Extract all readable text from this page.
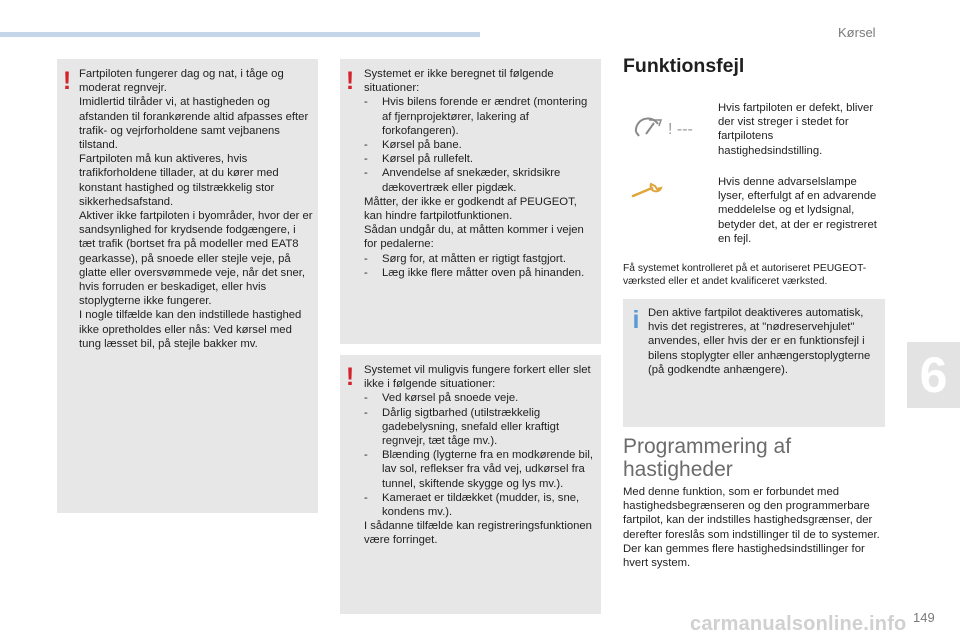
Kørsel
6
! Fartpiloten fungerer dag og nat, i tåge og moderat regnvejr.

Imidlertid tilråder vi, at hastigheden og afstanden til forankørende altid afpasses efter trafik- og vejrforholdene samt vejbanens tilstand.

Fartpiloten må kun aktiveres, hvis trafikforholdene tillader, at du kører med konstant hastighed og tilstrækkelig stor sikkerhedsafstand.

Aktiver ikke fartpiloten i byområder, hvor der er sandsynlighed for krydsende fodgængere, i tæt trafik (bortset fra på modeller med EAT8 gearkasse), på snoede eller stejle veje, på glatte eller oversvømmede veje, når det sner, hvis forruden er beskadiget, eller hvis stoplygterne ikke fungerer.

I nogle tilfælde kan den indstillede hastighed ikke opretholdes eller nås: Ved kørsel med tung læsset bil, på stejle bakker mv.

! Systemet er ikke beregnet til følgende situationer:

-	Hvis bilens forende er ændret (montering af fjernprojektører, lakering af forkofangeren).
-	Kørsel på bane.
-	Kørsel på rullefelt.
-	Anvendelse af snekæder, skridsikre dækovertræk eller pigdæk.

Måtter, der ikke er godkendt af PEUGEOT, kan hindre fartpilotfunktionen.

Sådan undgår du, at måtten kommer i vejen for pedalerne:

-	Sørg for, at måtten er rigtigt fastgjort.
-	Læg ikke flere måtter oven på hinanden.
! Systemet vil muligvis fungere forkert eller slet ikke i følgende situationer:

-	Ved kørsel på snoede veje.
-	Dårlig sigtbarhed (utilstrækkelig gadebelysning, snefald eller kraftigt regnvejr, tæt tåge mv.).
-	Blænding (lygterne fra en modkørende bil, lav sol, reflekser fra våd vej, udkørsel fra tunnel, skiftende skygge og lys mv.).
-	Kameraet er tildækket (mudder, is, sne, kondens mv.).

I sådanne tilfælde kan registreringsfunktionen være forringet.

Funktionsfejl
! ---
Hvis fartpiloten er defekt, bliver der vist streger i stedet for fartpilotens hastighedsindstilling.
Hvis denne advarselslampe lyser, efterfulgt af en advarende meddelelse og et lydsignal, betyder det, at der er registreret en fejl.
Få systemet kontrolleret på et autoriseret PEUGEOT-værksted eller et andet kvalificeret værksted.
i Den aktive fartpilot deaktiveres automatisk, hvis det registreres, at "nødreservehjulet" anvendes, eller hvis der er en funktionsfejl i bilens stoplygter eller anhængerstoplygterne (på godkendte anhængere).
Programmering af
hastigheder

Med denne funktion, som er forbundet med hastighedsbegrænseren og den programmerbare fartpilot, kan der indstilles hastighedsgrænser, der derefter foreslås som indstillinger til de to systemer.

Der kan gemmes flere hastighedsindstillinger for hvert system.

carmanualsonline.info 149
